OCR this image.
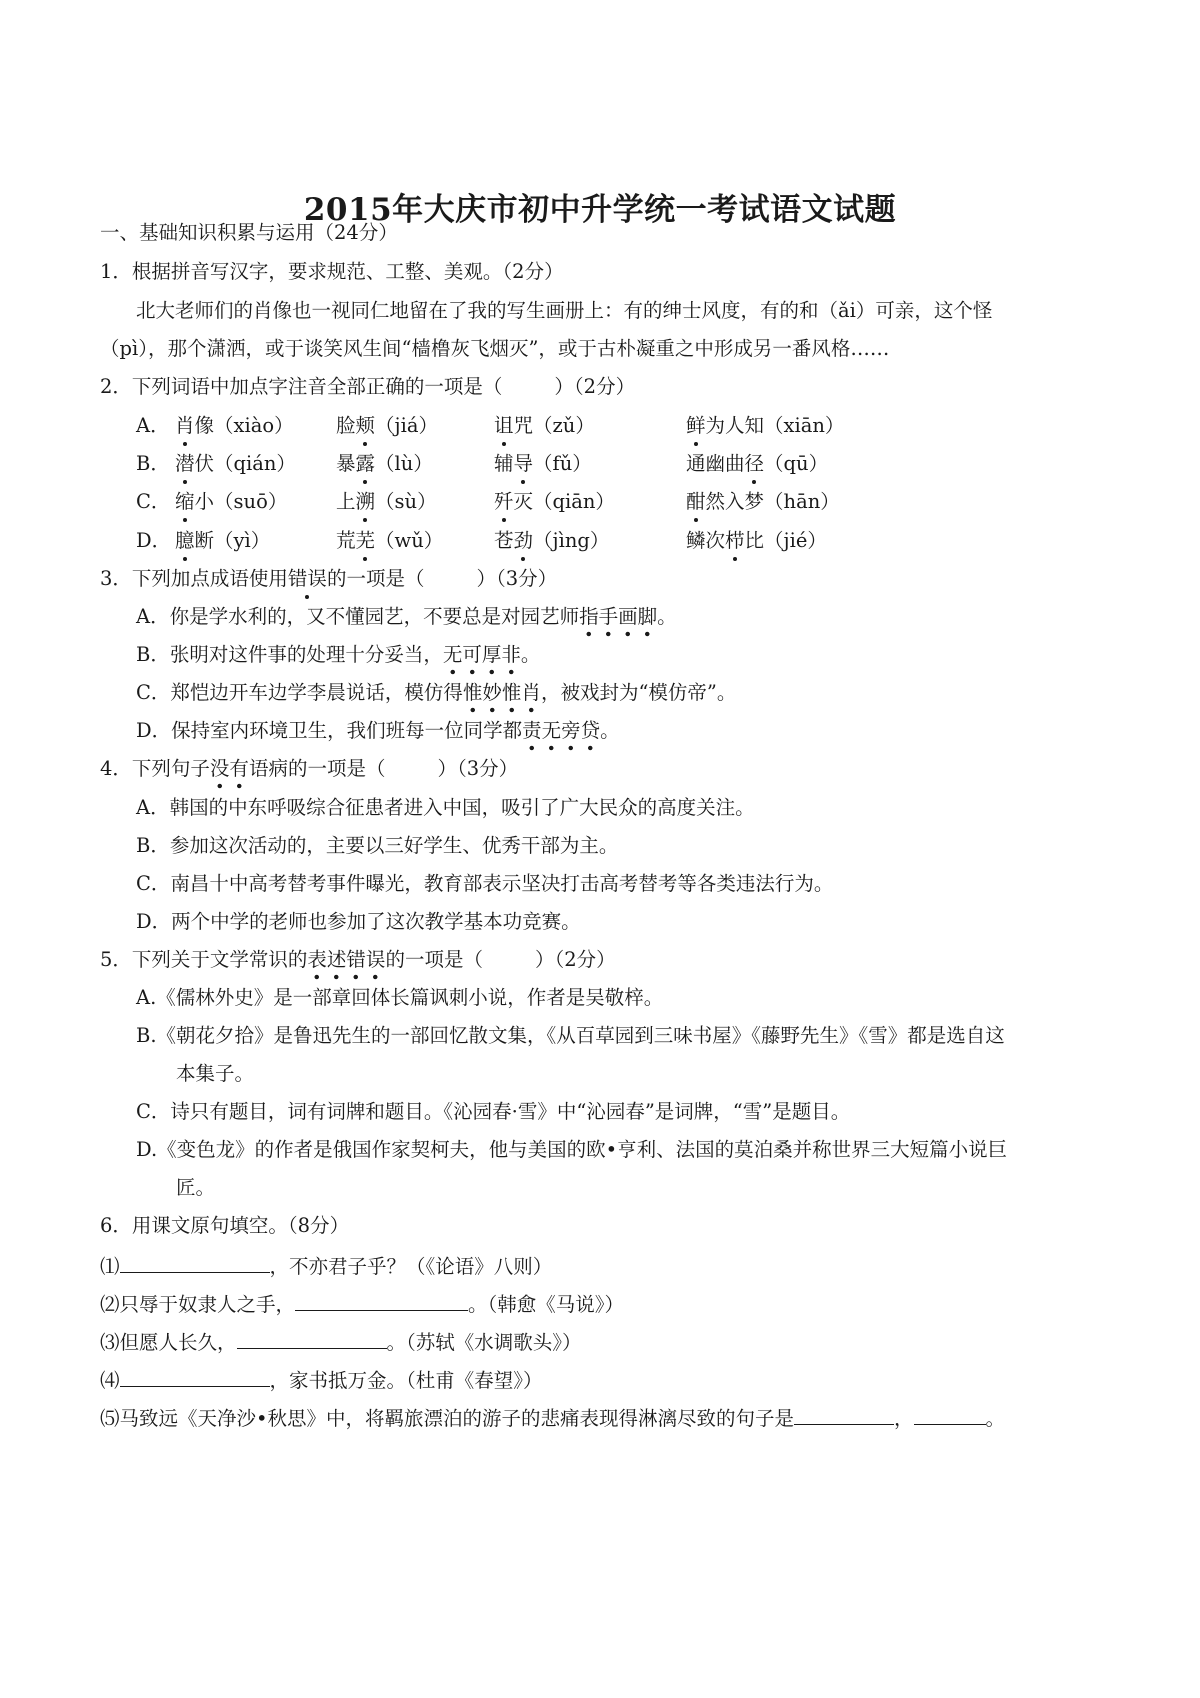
2015年大庆市初中升学统一考试语文试题
一、基础知识积累与运用（24分）
1．根据拼音写汉字，要求规范、工整、美观。（2分）
北大老师们的肖像也一视同仁地留在了我的写生画册上：有的绅士风度，有的和（ǎi）可亲，这个怪
（pì），那个潇洒，或于谈笑风生间“樯橹灰飞烟灭”，或于古朴凝重之中形成另一番风格……
2．下列词语中加点字注音全部正确的一项是（	）（2分）
A． 肖像（xiào） 脸颊（jiá）	诅咒（zǔ）	鲜为人知（xiān）
B． 潜伏（qián） 暴露（lù）	辅导（fǔ）	通幽曲径（qū）
C． 缩小（suō） 上溯（sù）	歼灭（qiān）	酣然入梦（hān）
D． 臆断（yì）	荒芜（wǔ）	苍劲（jìng）	鳞次栉比（jié）
3．下列加点成语使用错误的一项是（	）（3分）
A．你是学水利的，又不懂园艺，不要总是对园艺师指手画脚。
B．张明对这件事的处理十分妥当，无可厚非。
C．郑恺边开车边学李晨说话，模仿得惟妙惟肖，被戏封为“模仿帝”。
D．保持室内环境卫生，我们班每一位同学都责无旁贷。
4．下列句子没有语病的一项是（	）（3分）
A．韩国的中东呼吸综合征患者进入中国，吸引了广大民众的高度关注。
B．参加这次活动的，主要以三好学生、优秀干部为主。
C．南昌十中高考替考事件曝光，教育部表示坚决打击高考替考等各类违法行为。
D．两个中学的老师也参加了这次教学基本功竞赛。
5．下列关于文学常识的表述错误的一项是（	）（2分）
A.《儒林外史》是一部章回体长篇讽刺小说，作者是吴敬梓。
B.《朝花夕拾》是鲁迅先生的一部回忆散文集，《从百草园到三味书屋》《藤野先生》《雪》都是选自这
本集子。
C．诗只有题目，词有词牌和题目。《沁园春·雪》中“沁园春”是词牌，“雪”是题目。
D.《变色龙》的作者是俄国作家契柯夫，他与美国的欧•亨利、法国的莫泊桑并称世界三大短篇小说巨
匠。
6．用课文原句填空。（8分）
⑴	，不亦君子乎？（《论语》八则）
⑵只辱于奴隶人之手，	。（韩愈《马说》）
⑶但愿人长久，	。（苏轼《水调歌头》）
⑷	，家书抵万金。（杜甫《春望》）
⑸马致远《天净沙•秋思》中，将羁旅漂泊的游子的悲痛表现得淋漓尽致的句子是	，	。
